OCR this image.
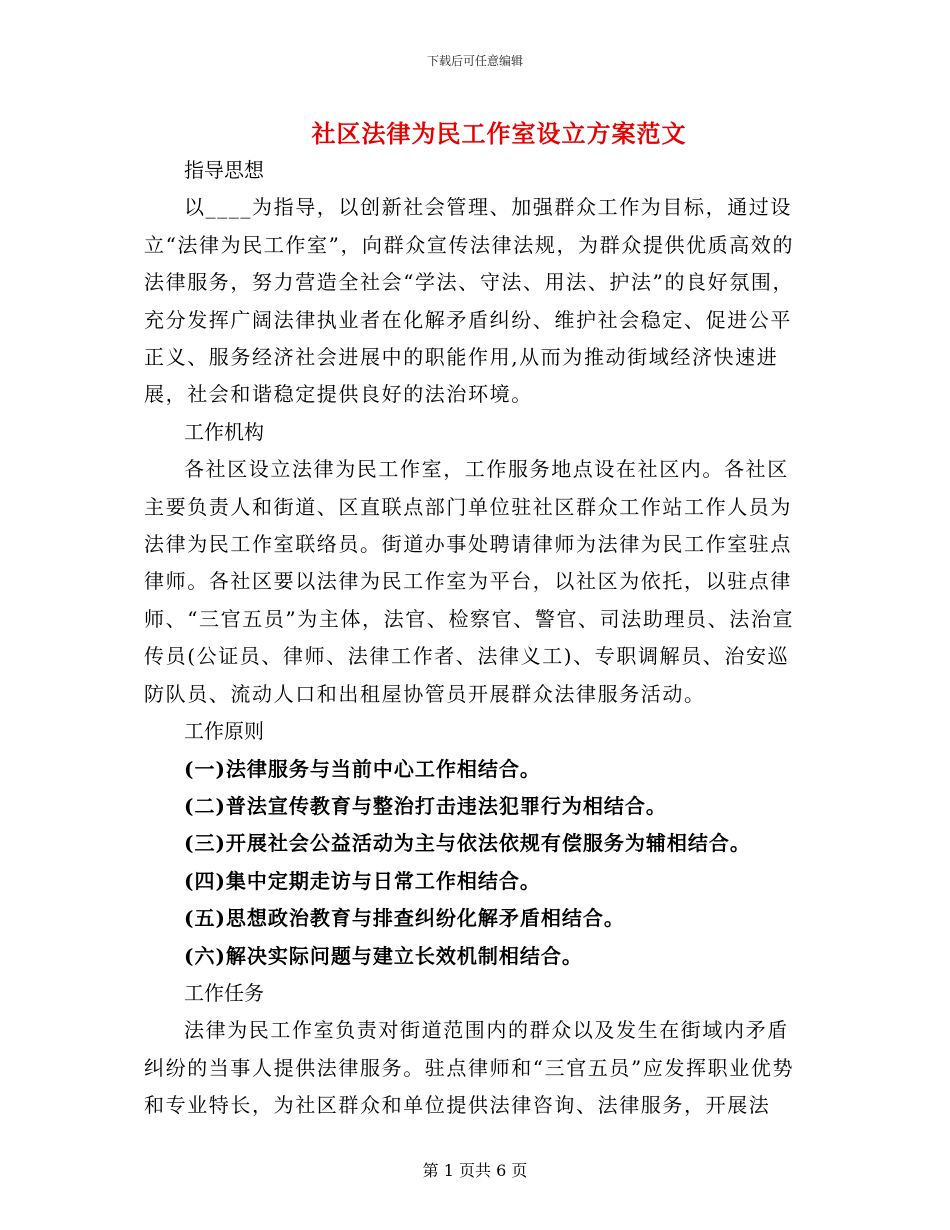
下载后可任意编辑
社区法律为民工作室设立方案范文

指导思想

以____为指导，以创新社会管理、加强群众工作为目标，通过设立“法律为民工作室”，向群众宣传法律法规，为群众提供优质高效的法律服务，努力营造全社会“学法、守法、用法、护法”的良好氛围，充分发挥广阔法律执业者在化解矛盾纠纷、维护社会稳定、促进公平正义、服务经济社会进展中的职能作用,从而为推动街域经济快速进展，社会和谐稳定提供良好的法治环境。

工作机构

各社区设立法律为民工作室，工作服务地点设在社区内。各社区主要负责人和街道、区直联点部门单位驻社区群众工作站工作人员为法律为民工作室联络员。街道办事处聘请律师为法律为民工作室驻点律师。各社区要以法律为民工作室为平台，以社区为依托，以驻点律师、“三官五员”为主体，法官、检察官、警官、司法助理员、法治宣传员(公证员、律师、法律工作者、法律义工)、专职调解员、治安巡防队员、流动人口和出租屋协管员开展群众法律服务活动。

工作原则

(一)法律服务与当前中心工作相结合。

(二)普法宣传教育与整治打击违法犯罪行为相结合。

(三)开展社会公益活动为主与依法依规有偿服务为辅相结合。

(四)集中定期走访与日常工作相结合。

(五)思想政治教育与排查纠纷化解矛盾相结合。

(六)解决实际问题与建立长效机制相结合。

工作任务

法律为民工作室负责对街道范围内的群众以及发生在街域内矛盾纠纷的当事人提供法律服务。驻点律师和“三官五员”应发挥职业优势和专业特长，为社区群众和单位提供法律咨询、法律服务，开展法

第 1 页共 6 页
